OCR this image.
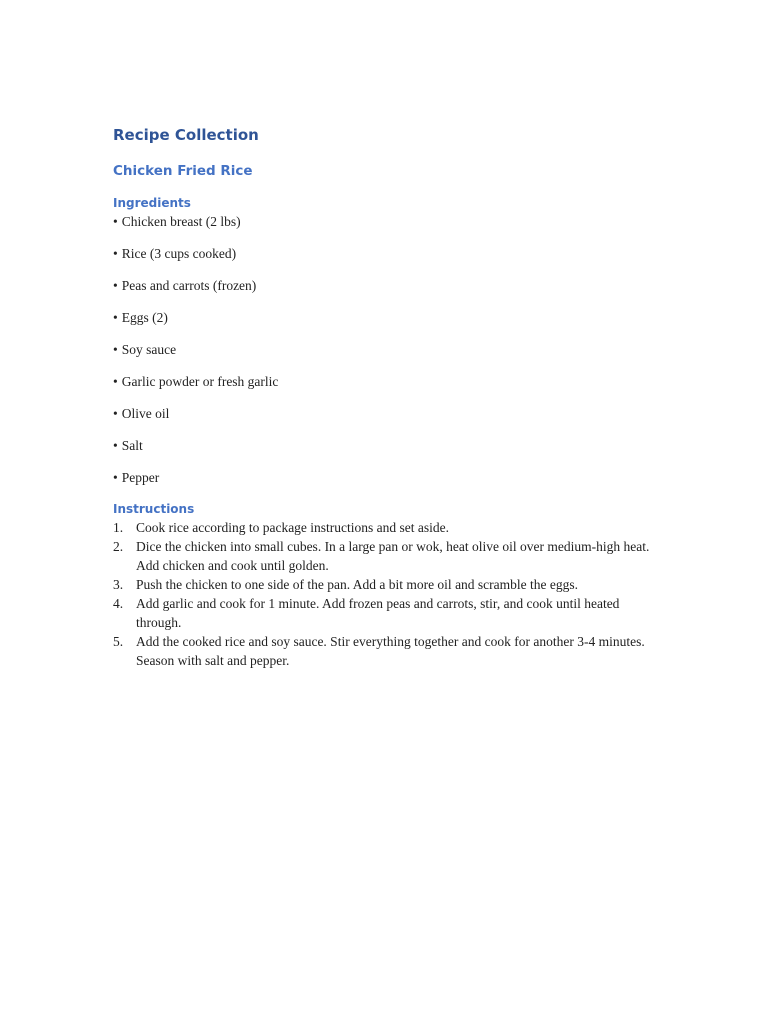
Recipe Collection
Chicken Fried Rice
Ingredients
• Chicken breast (2 lbs)
• Rice (3 cups cooked)
• Peas and carrots (frozen)
• Eggs (2)
• Soy sauce
• Garlic powder or fresh garlic
• Olive oil
• Salt
• Pepper
Instructions
1. Cook rice according to package instructions and set aside.
2. Dice the chicken into small cubes. In a large pan or wok, heat olive oil over medium-high heat. Add chicken and cook until golden.
3. Push the chicken to one side of the pan. Add a bit more oil and scramble the eggs.
4. Add garlic and cook for 1 minute. Add frozen peas and carrots, stir, and cook until heated through.
5. Add the cooked rice and soy sauce. Stir everything together and cook for another 3-4 minutes. Season with salt and pepper.
